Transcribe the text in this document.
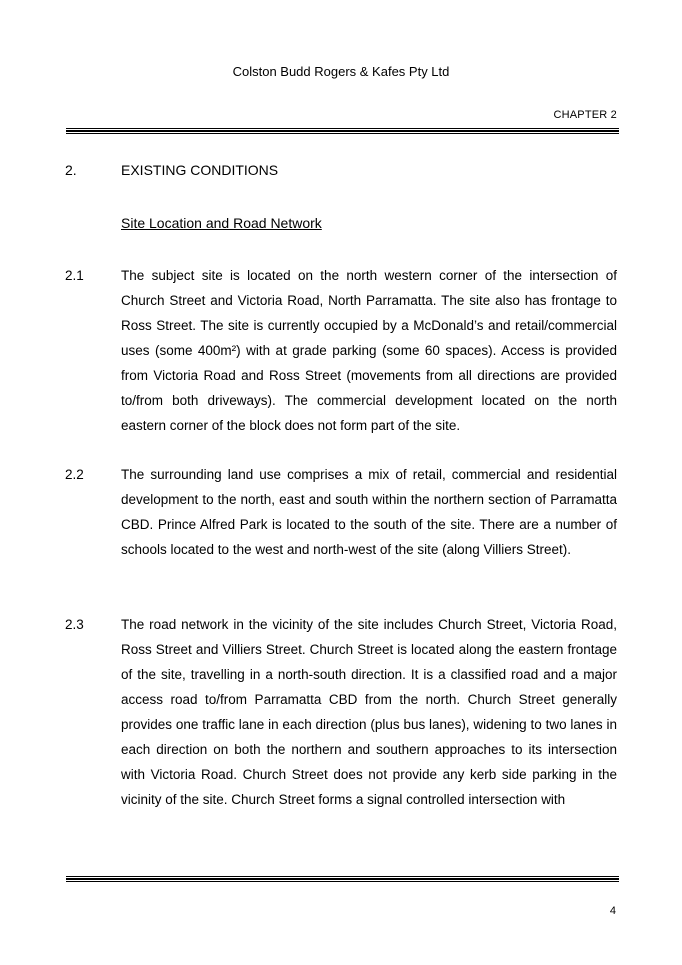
Colston Budd Rogers & Kafes Pty Ltd
CHAPTER 2
2.	EXISTING CONDITIONS
Site Location and Road Network
2.1	The subject site is located on the north western corner of the intersection of Church Street and Victoria Road, North Parramatta. The site also has frontage to Ross Street. The site is currently occupied by a McDonald’s and retail/commercial uses (some 400m²) with at grade parking (some 60 spaces). Access is provided from Victoria Road and Ross Street (movements from all directions are provided to/from both driveways). The commercial development located on the north eastern corner of the block does not form part of the site.

2.2	The surrounding land use comprises a mix of retail, commercial and residential development to the north, east and south within the northern section of Parramatta CBD. Prince Alfred Park is located to the south of the site. There are a number of schools located to the west and north-west of the site (along Villiers Street).

2.3	The road network in the vicinity of the site includes Church Street, Victoria Road, Ross Street and Villiers Street. Church Street is located along the eastern frontage of the site, travelling in a north-south direction. It is a classified road and a major access road to/from Parramatta CBD from the north. Church Street generally provides one traffic lane in each direction (plus bus lanes), widening to two lanes in each direction on both the northern and southern approaches to its intersection with Victoria Road. Church Street does not provide any kerb side parking in the vicinity of the site. Church Street forms a signal controlled intersection with

4
